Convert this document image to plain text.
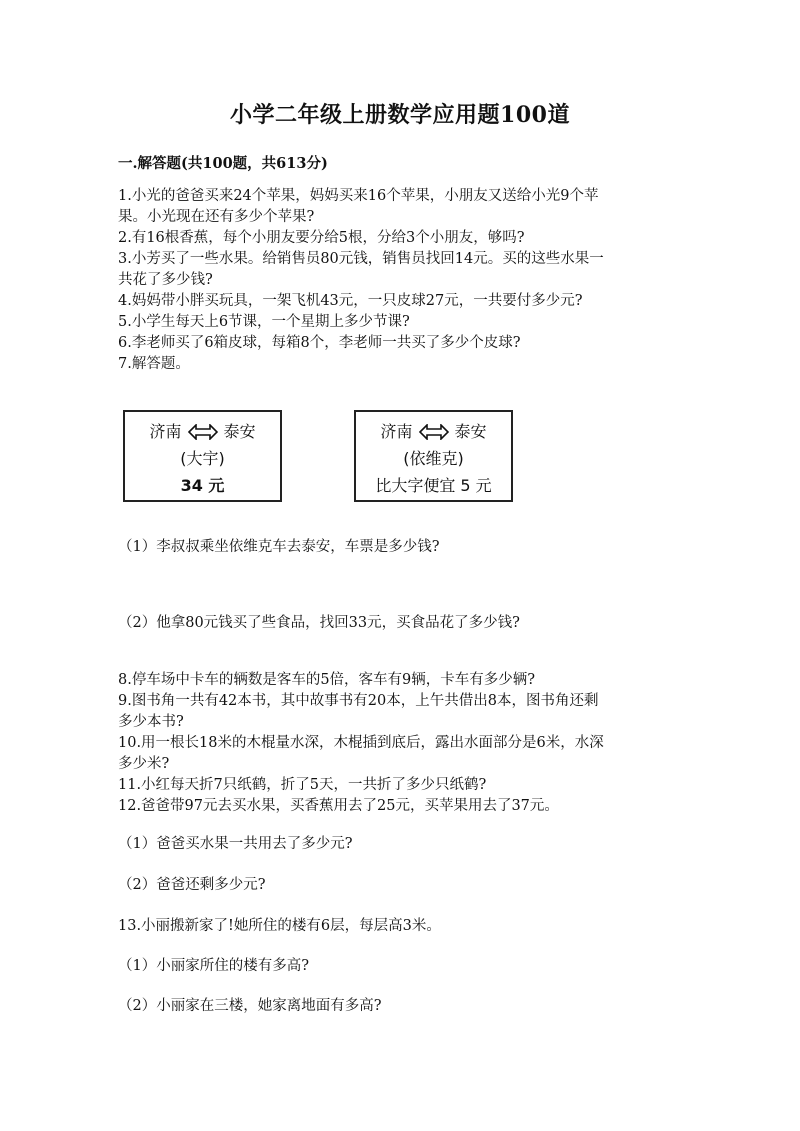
小学二年级上册数学应用题100道
一.解答题(共100题，共613分)
1.小光的爸爸买来24个苹果，妈妈买来16个苹果，小朋友又送给小光9个苹
果。小光现在还有多少个苹果?
2.有16根香蕉，每个小朋友要分给5根，分给3个小朋友，够吗?
3.小芳买了一些水果。给销售员80元钱，销售员找回14元。买的这些水果一
共花了多少钱?
4.妈妈带小胖买玩具，一架飞机43元，一只皮球27元，一共要付多少元?
5.小学生每天上6节课，一个星期上多少节课?
6.李老师买了6箱皮球，每箱8个，李老师一共买了多少个皮球?
7.解答题。
济南	泰安
(大宇)
34 元
济南	泰安
(依维克)
比大字便宜 5 元
（1）李叔叔乘坐依维克车去泰安，车票是多少钱?
（2）他拿80元钱买了些食品，找回33元，买食品花了多少钱?
8.停车场中卡车的辆数是客车的5倍，客车有9辆，卡车有多少辆?
9.图书角一共有42本书，其中故事书有20本，上午共借出8本，图书角还剩
多少本书?
10.用一根长18米的木棍量水深，木棍插到底后，露出水面部分是6米，水深
多少米?
11.小红每天折7只纸鹤，折了5天，一共折了多少只纸鹤?
12.爸爸带97元去买水果，买香蕉用去了25元，买苹果用去了37元。
（1）爸爸买水果一共用去了多少元?
（2）爸爸还剩多少元?
13.小丽搬新家了!她所住的楼有6层，每层高3米。
（1）小丽家所住的楼有多高?
（2）小丽家在三楼，她家离地面有多高?
